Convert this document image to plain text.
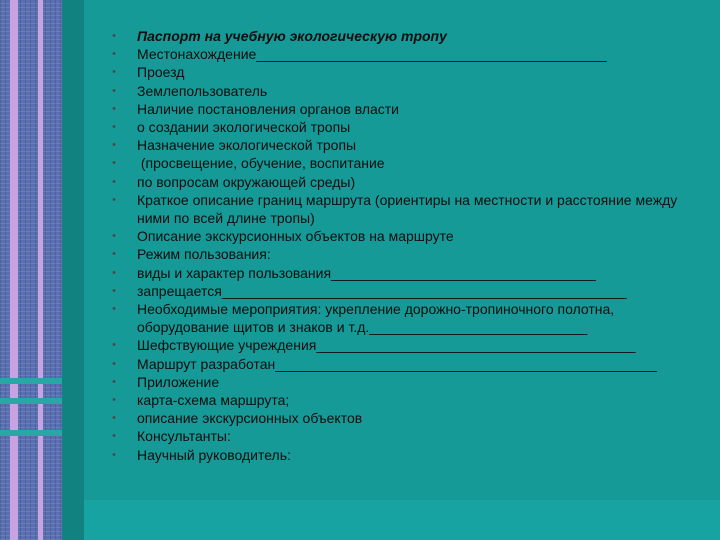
• Паспорт на учебную экологическую тропу
• Местонахождение_____________________________________________
• Проезд
• Землепользователь
• Наличие постановления органов власти
• о создании экологической тропы
• Назначение экологической тропы
• (просвещение, обучение, воспитание
• по вопросам окружающей среды)
• Краткое описание границ маршрута (ориентиры на местности и расстояние между ними по всей длине тропы)
• Описание экскурсионных объектов на маршруте
• Режим пользования:
• виды и характер пользования__________________________________
• запрещается____________________________________________________
• Необходимые мероприятия: укрепление дорожно-тропиночного полотна, оборудование щитов и знаков и т.д.____________________________
• Шефствующие учреждения_________________________________________
• Маршрут разработан_________________________________________________
• Приложение
• карта-схема маршрута;
• описание экскурсионных объектов
• Консультанты:
• Научный руководитель:
